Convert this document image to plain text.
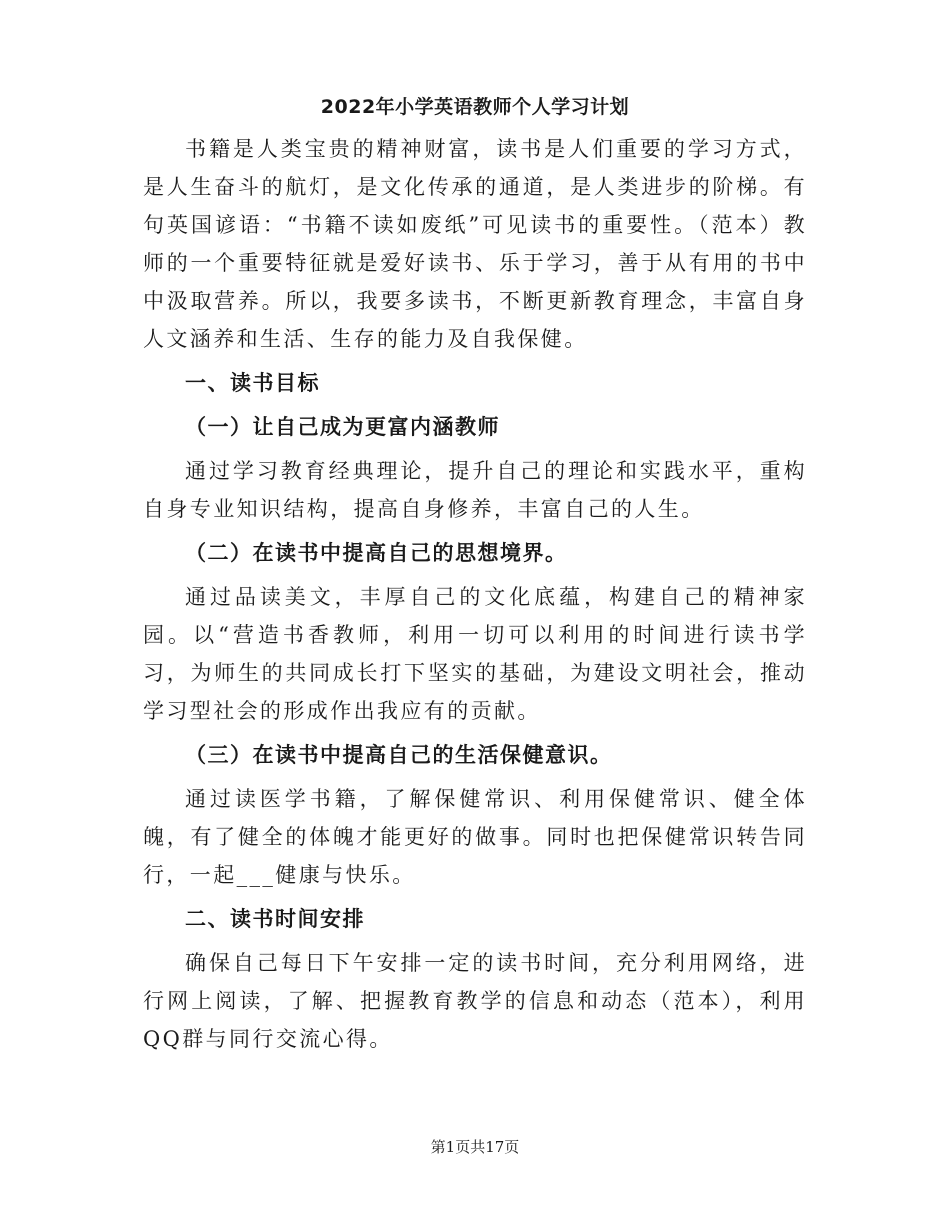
2022年小学英语教师个人学习计划

书籍是人类宝贵的精神财富，读书是人们重要的学习方式，是人生奋斗的航灯，是文化传承的通道，是人类进步的阶梯。有句英国谚语：“书籍不读如废纸”可见读书的重要性。（范本）教师的一个重要特征就是爱好读书、乐于学习，善于从有用的书中中汲取营养。所以，我要多读书，不断更新教育理念，丰富自身人文涵养和生活、生存的能力及自我保健。

一、读书目标

（一）让自己成为更富内涵教师

通过学习教育经典理论，提升自己的理论和实践水平，重构自身专业知识结构，提高自身修养，丰富自己的人生。

（二）在读书中提高自己的思想境界。

通过品读美文，丰厚自己的文化底蕴，构建自己的精神家园。以“营造书香教师，利用一切可以利用的时间进行读书学习，为师生的共同成长打下坚实的基础，为建设文明社会，推动学习型社会的形成作出我应有的贡献。

（三）在读书中提高自己的生活保健意识。

通过读医学书籍，了解保健常识、利用保健常识、健全体魄，有了健全的体魄才能更好的做事。同时也把保健常识转告同行，一起___健康与快乐。

二、读书时间安排

确保自己每日下午安排一定的读书时间，充分利用网络，进行网上阅读，了解、把握教育教学的信息和动态（范本），利用QQ群与同行交流心得。

第1页共17页
